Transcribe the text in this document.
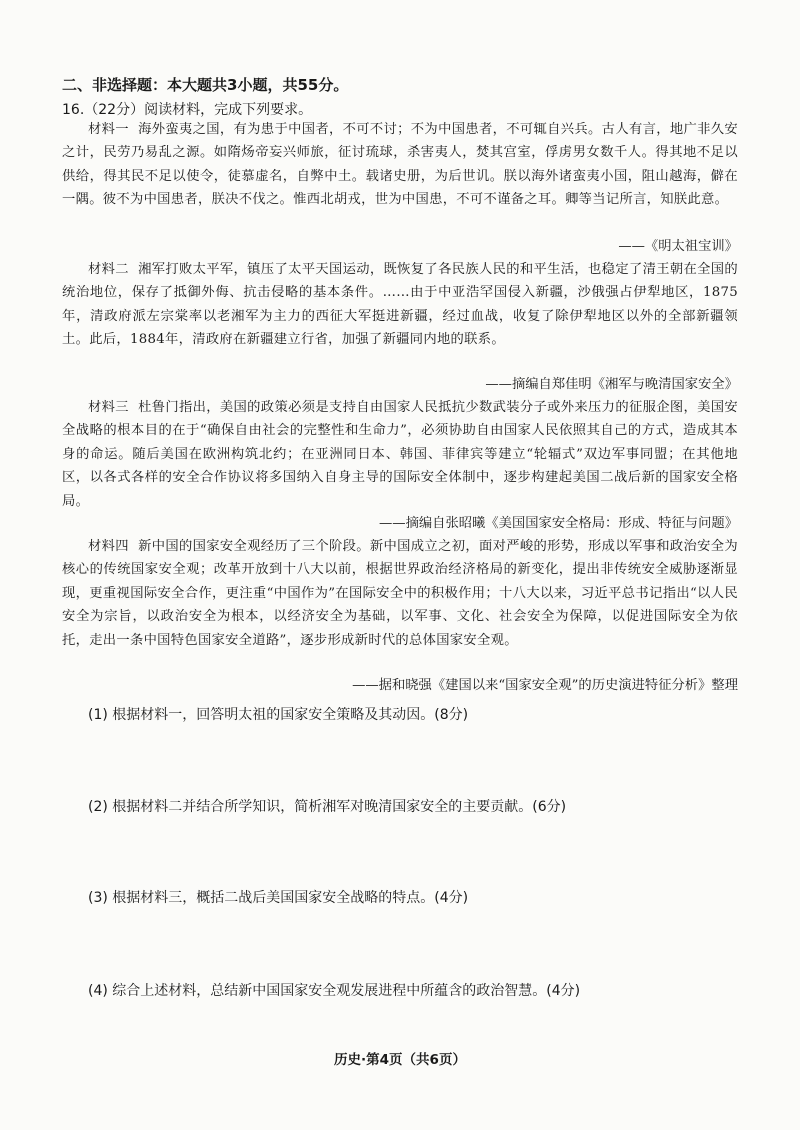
二、非选择题：本大题共3小题，共55分。
16.（22分）阅读材料，完成下列要求。
材料一 海外蛮夷之国，有为患于中国者，不可不讨；不为中国患者，不可辄自兴兵。古人有言，地广非久安之计，民劳乃易乱之源。如隋炀帝妄兴师旅，征讨琉球，杀害夷人，焚其宫室，俘虏男女数千人。得其地不足以供给，得其民不足以使令，徒慕虚名，自弊中土。载诸史册，为后世讥。朕以海外诸蛮夷小国，阻山越海，僻在一隅。彼不为中国患者，朕决不伐之。惟西北胡戎，世为中国患，不可不谨备之耳。卿等当记所言，知朕此意。
——《明太祖宝训》
材料二 湘军打败太平军，镇压了太平天国运动，既恢复了各民族人民的和平生活，也稳定了清王朝在全国的统治地位，保存了抵御外侮、抗击侵略的基本条件。……由于中亚浩罕国侵入新疆，沙俄强占伊犁地区，1875年，清政府派左宗棠率以老湘军为主力的西征大军挺进新疆，经过血战，收复了除伊犁地区以外的全部新疆领土。此后，1884年，清政府在新疆建立行省，加强了新疆同内地的联系。
——摘编自郑佳明《湘军与晚清国家安全》
材料三 杜鲁门指出，美国的政策必须是支持自由国家人民抵抗少数武装分子或外来压力的征服企图，美国安全战略的根本目的在于“确保自由社会的完整性和生命力”，必须协助自由国家人民依照其自己的方式，造成其本身的命运。随后美国在欧洲构筑北约；在亚洲同日本、韩国、菲律宾等建立“轮辐式”双边军事同盟；在其他地区，以各式各样的安全合作协议将多国纳入自身主导的国际安全体制中，逐步构建起美国二战后新的国家安全格局。
——摘编自张昭曦《美国国家安全格局：形成、特征与问题》
材料四 新中国的国家安全观经历了三个阶段。新中国成立之初，面对严峻的形势，形成以军事和政治安全为核心的传统国家安全观；改革开放到十八大以前，根据世界政治经济格局的新变化，提出非传统安全威胁逐渐显现，更重视国际安全合作，更注重“中国作为”在国际安全中的积极作用；十八大以来，习近平总书记指出“以人民安全为宗旨，以政治安全为根本，以经济安全为基础，以军事、文化、社会安全为保障，以促进国际安全为依托，走出一条中国特色国家安全道路”，逐步形成新时代的总体国家安全观。
——据和晓强《建国以来“国家安全观”的历史演进特征分析》整理
(1) 根据材料一，回答明太祖的国家安全策略及其动因。(8分)
(2) 根据材料二并结合所学知识，简析湘军对晚清国家安全的主要贡献。(6分)
(3) 根据材料三，概括二战后美国国家安全战略的特点。(4分)
(4) 综合上述材料，总结新中国国家安全观发展进程中所蕴含的政治智慧。(4分)
历史·第4页（共6页）
